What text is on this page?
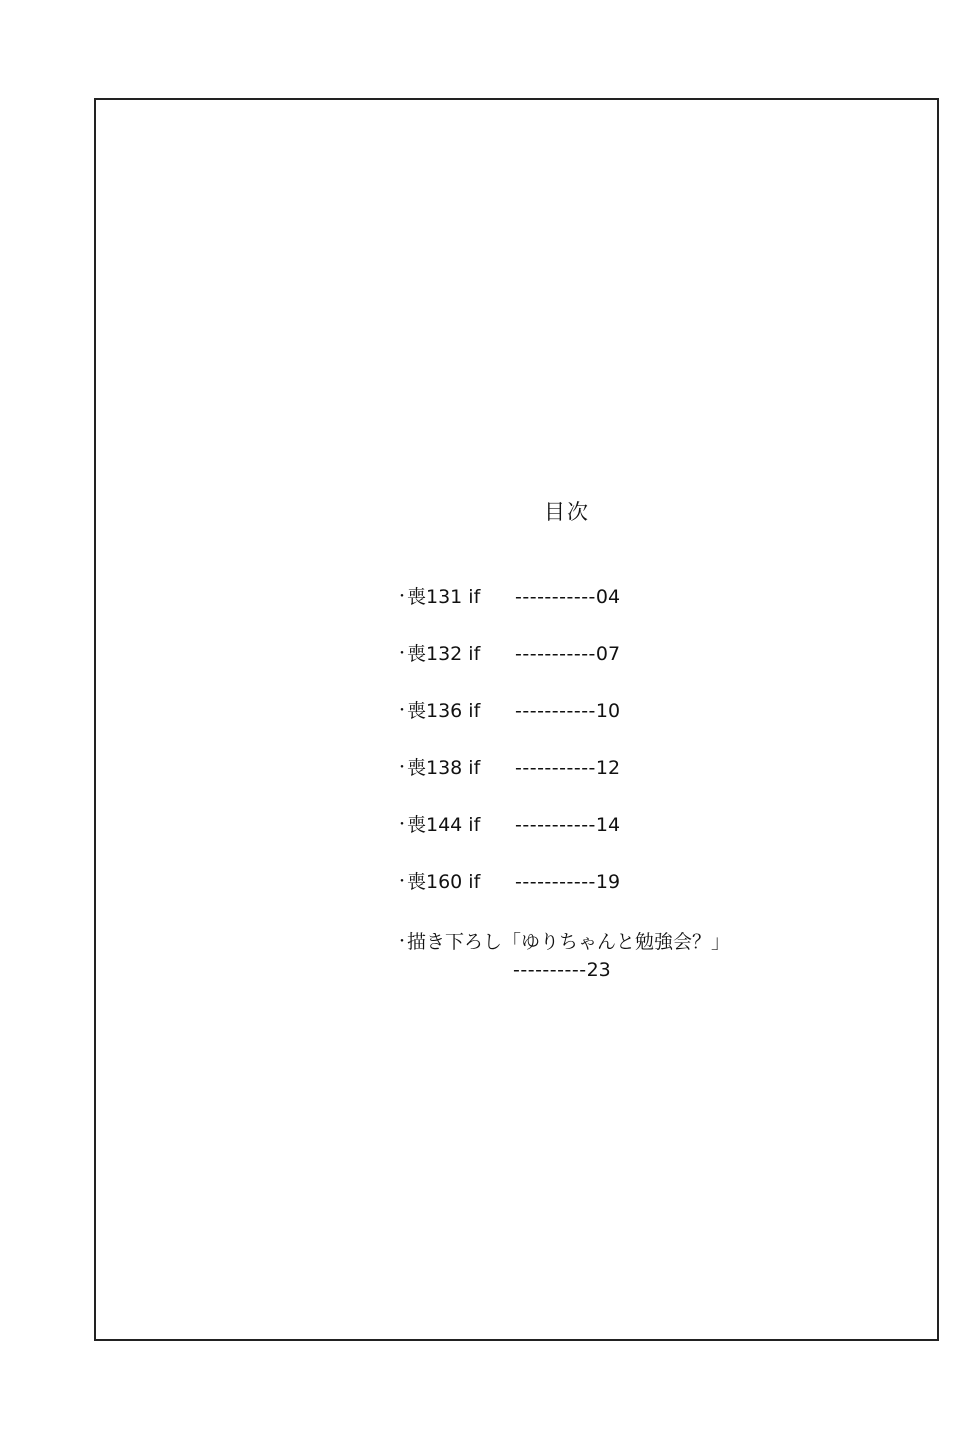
目次
・喪131 if -----------04
・喪132 if -----------07
・喪136 if -----------10
・喪138 if -----------12
・喪144 if -----------14
・喪160 if -----------19
・描き下ろし「ゆりちゃんと勉強会？」
----------23
